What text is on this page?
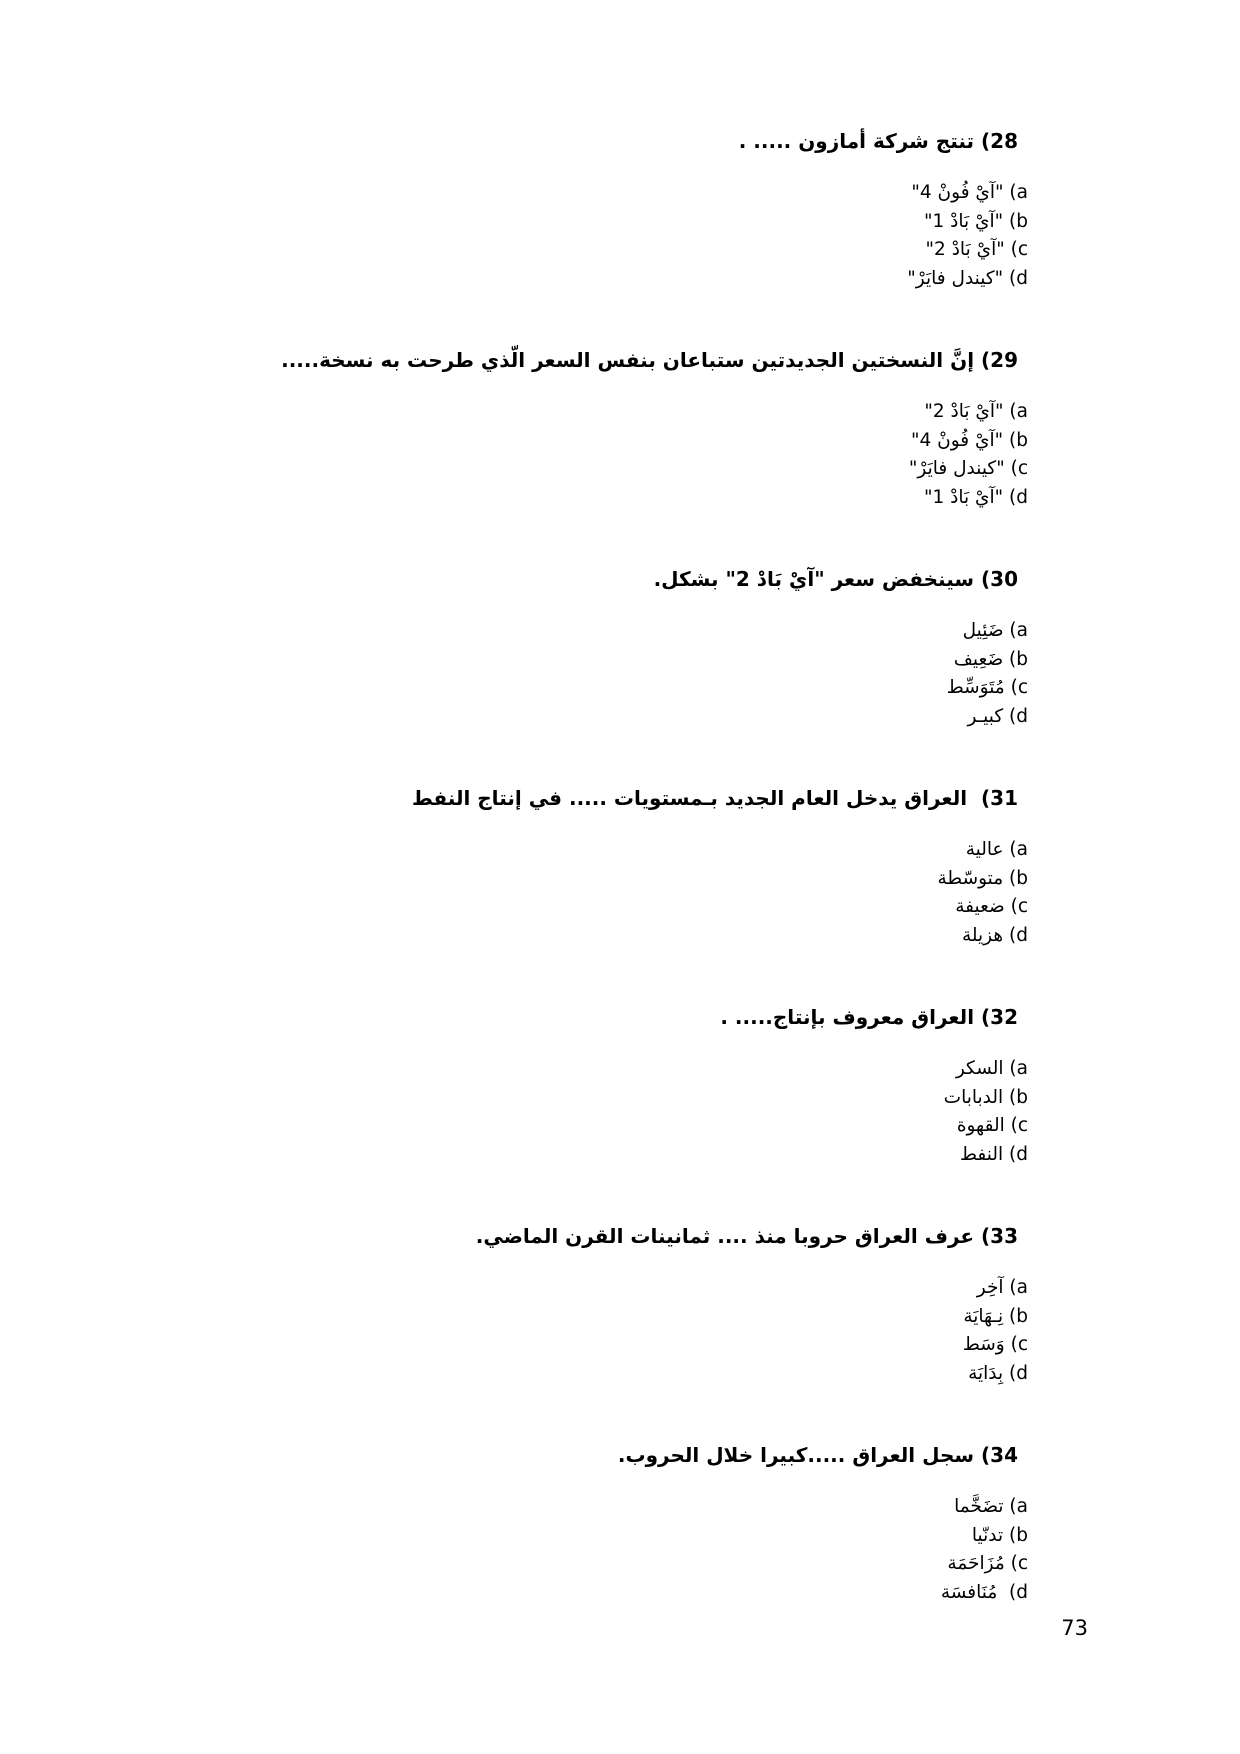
28) تنتج شركة أمازون ..... .

a) "آيْ فُونْ 4"
b) "آيْ بَادْ 1"
c) "آيْ بَادْ 2"
d) "كيندل فايَرْ"

29) إنَّ النسختين الجديدتين ستباعان بنفس السعر الّذي طرحت به نسخة.....

a) "آيْ بَادْ 2"
b) "آيْ فُونْ 4"
c) "كيندل فايَرْ"
d) "آيْ بَادْ 1"

30) سينخفض سعر "آيْ بَادْ 2" بشكل.

a) ضَئِيل
b) ضَعِيف
c) مُتَوَسِّط
d) كبيـر

31)  العراق يدخل العام الجديد بـمستويات ..... في إنتاج النفط

a) عالية
b) متوسّطة
c) ضعيفة
d) هزيلة

32) العراق معروف بإنتاج..... .

a) السكر
b) الدبابات
c) القهوة
d) النفط

33) عرف العراق حروبا منذ .... ثمانينات القرن الماضي.

a) آخِر
b) نِـهَايَة
c) وَسَط
d) بِدَايَة

34) سجل العراق .....كبيرا خلال الحروب.

a) تضَخَّما
b) تدنّيا
c) مُزَاحَمَة
d)  مُنَافسَة
73
